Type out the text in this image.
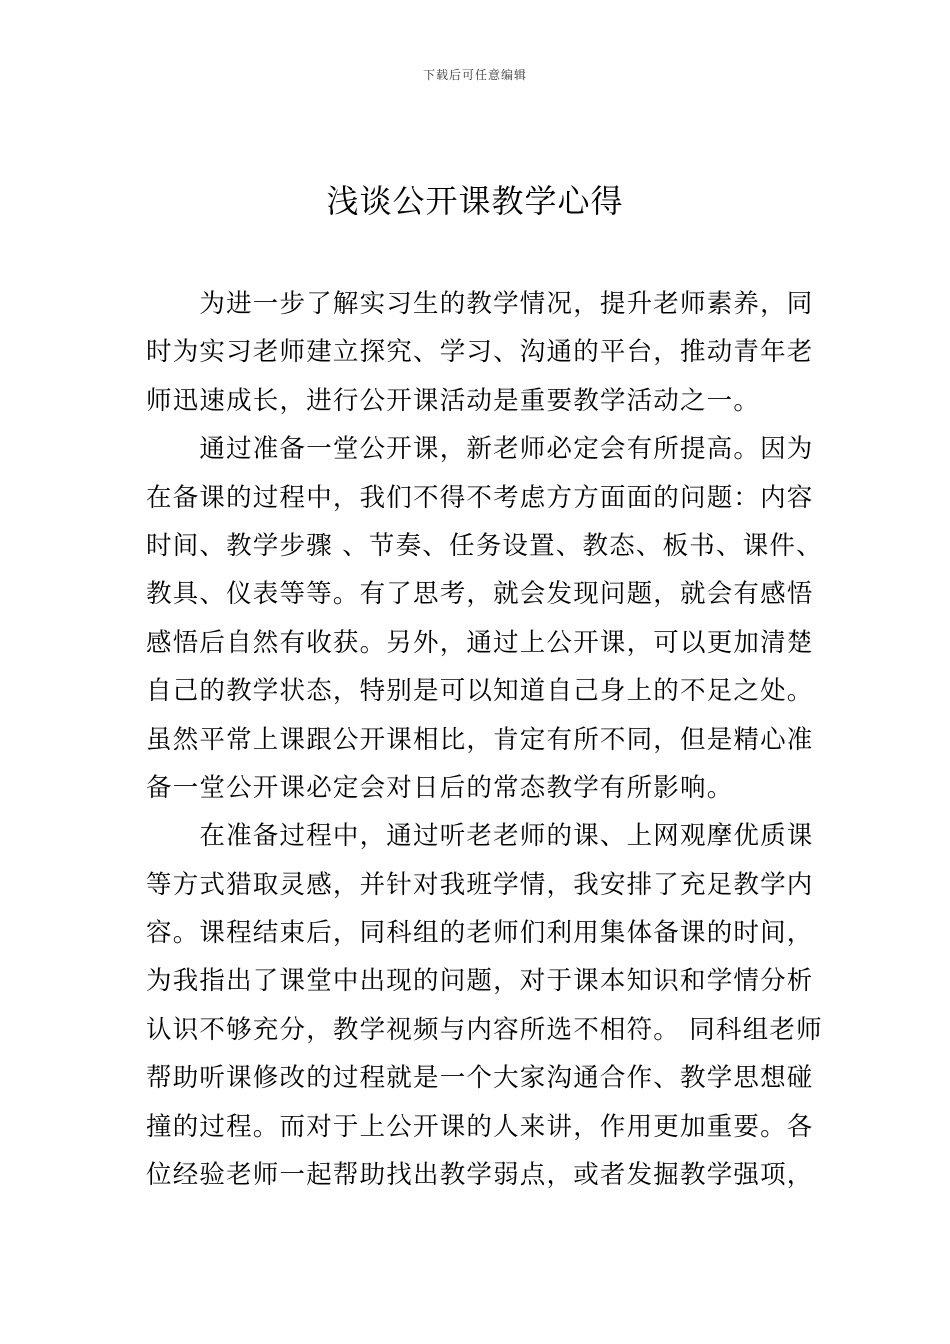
下载后可任意编辑
浅谈公开课教学心得
　　为进一步了解实习生的教学情况，提升老师素养，同
时为实习老师建立探究、学习、沟通的平台，推动青年老
师迅速成长，进行公开课活动是重要教学活动之一。
　　通过准备一堂公开课，新老师必定会有所提高。因为
在备课的过程中，我们不得不考虑方方面面的问题：内容
时间、教学步骤 、节奏、任务设置、教态、板书、课件、
教具、仪表等等。有了思考，就会发现问题，就会有感悟
感悟后自然有收获。另外，通过上公开课，可以更加清楚
自己的教学状态，特别是可以知道自己身上的不足之处。
虽然平常上课跟公开课相比，肯定有所不同，但是精心准
备一堂公开课必定会对日后的常态教学有所影响。
　　在准备过程中，通过听老老师的课、上网观摩优质课
等方式猎取灵感，并针对我班学情，我安排了充足教学内
容。课程结束后，同科组的老师们利用集体备课的时间，
为我指出了课堂中出现的问题，对于课本知识和学情分析
认识不够充分，教学视频与内容所选不相符。 同科组老师
帮助听课修改的过程就是一个大家沟通合作、教学思想碰
撞的过程。而对于上公开课的人来讲，作用更加重要。各
位经验老师一起帮助找出教学弱点，或者发掘教学强项，
